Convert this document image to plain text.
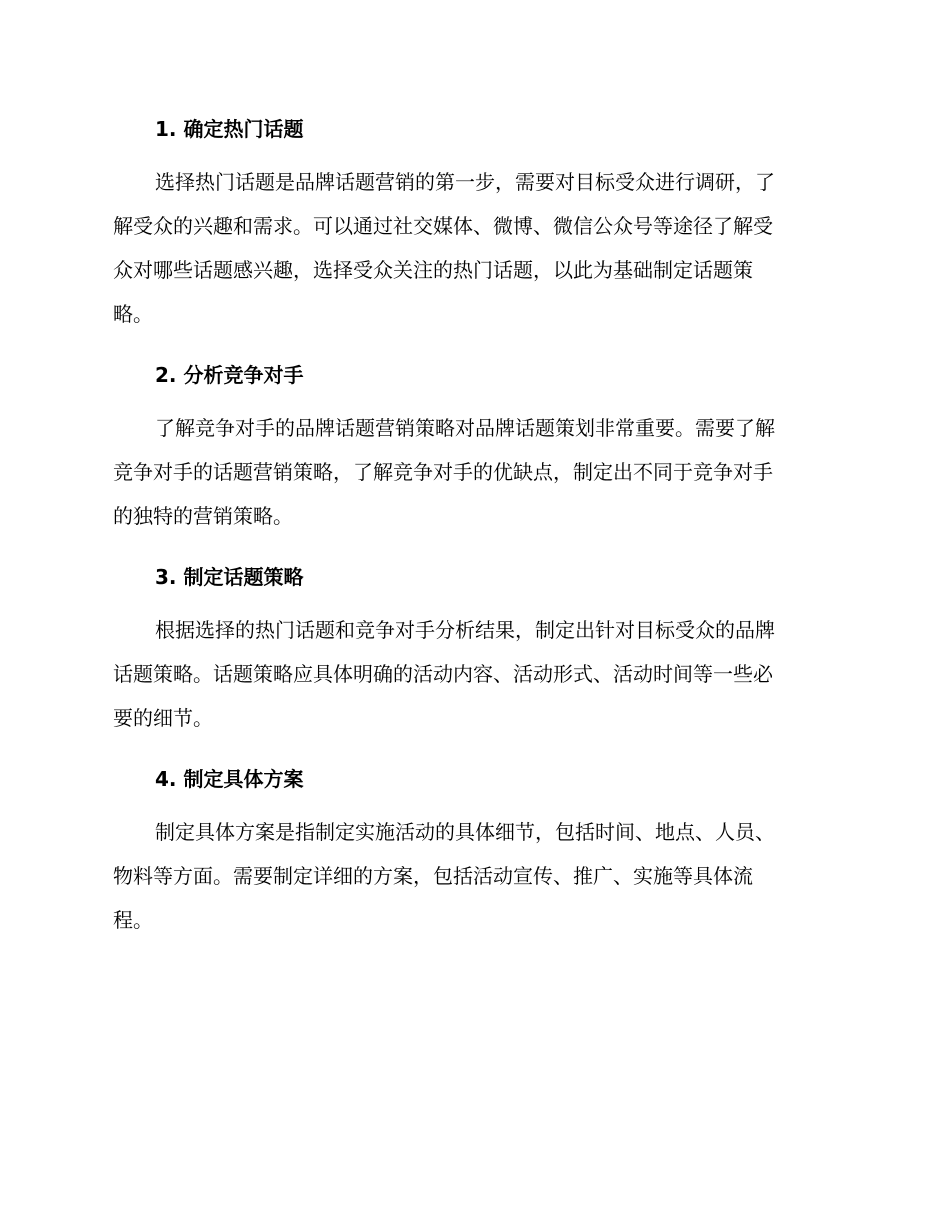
1. 确定热门话题
选择热门话题是品牌话题营销的第一步，需要对目标受众进行调研，了
解受众的兴趣和需求。可以通过社交媒体、微博、微信公众号等途径了解受
众对哪些话题感兴趣，选择受众关注的热门话题，以此为基础制定话题策
略。
2. 分析竞争对手
了解竞争对手的品牌话题营销策略对品牌话题策划非常重要。需要了解
竞争对手的话题营销策略，了解竞争对手的优缺点，制定出不同于竞争对手
的独特的营销策略。
3. 制定话题策略
根据选择的热门话题和竞争对手分析结果，制定出针对目标受众的品牌
话题策略。话题策略应具体明确的活动内容、活动形式、活动时间等一些必
要的细节。
4. 制定具体方案
制定具体方案是指制定实施活动的具体细节，包括时间、地点、人员、
物料等方面。需要制定详细的方案，包括活动宣传、推广、实施等具体流
程。
